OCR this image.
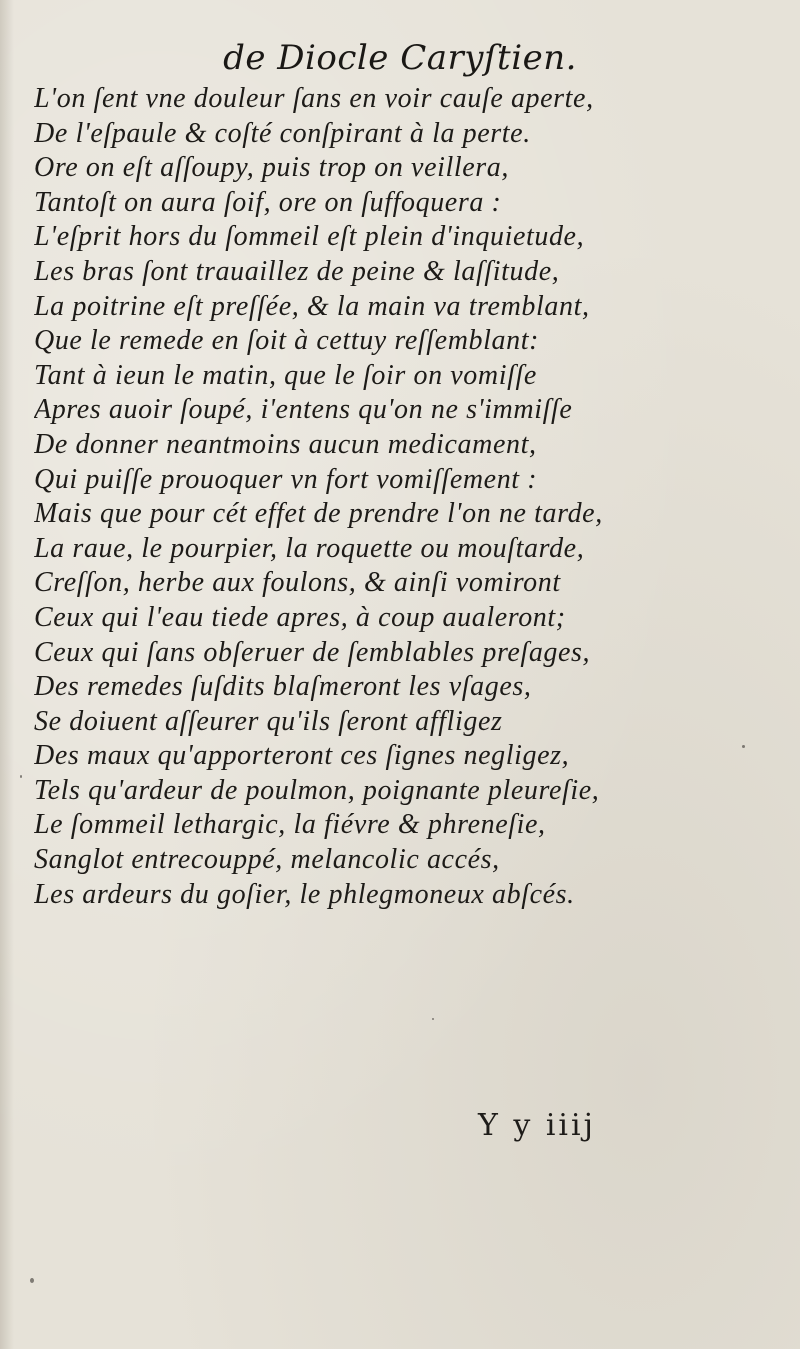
de Diocle Caryſtien.
L'on ſent vne douleur ſans en voir cauſe aperte,
De l'eſpaule & coſté conſpirant à la perte.
Ore on eſt aſſoupy, puis trop on veillera,
Tantoſt on aura ſoif, ore on ſuffoquera :
L'eſprit hors du ſommeil eſt plein d'inquietude,
Les bras ſont trauaillez de peine & laſſitude,
La poitrine eſt preſſée, & la main va tremblant,
Que le remede en ſoit à cettuy reſſemblant:
Tant à ieun le matin, que le ſoir on vomiſſe
Apres auoir ſoupé, i'entens qu'on ne s'immiſſe
De donner neantmoins aucun medicament,
Qui puiſſe prouoquer vn fort vomiſſement :
Mais que pour cét effet de prendre l'on ne tarde,
La raue, le pourpier, la roquette ou mouſtarde,
Creſſon, herbe aux foulons, & ainſi vomiront
Ceux qui l'eau tiede apres, à coup aualeront;
Ceux qui ſans obſeruer de ſemblables preſages,
Des remedes ſuſdits blaſmeront les vſages,
Se doiuent aſſeurer qu'ils ſeront affligez
Des maux qu'apporteront ces ſignes negligez,
Tels qu'ardeur de poulmon, poignante pleureſie,
Le ſommeil lethargic, la fiévre & phreneſie,
Sanglot entrecouppé, melancolic accés,
Les ardeurs du goſier, le phlegmoneux abſcés.
Y y iiij
